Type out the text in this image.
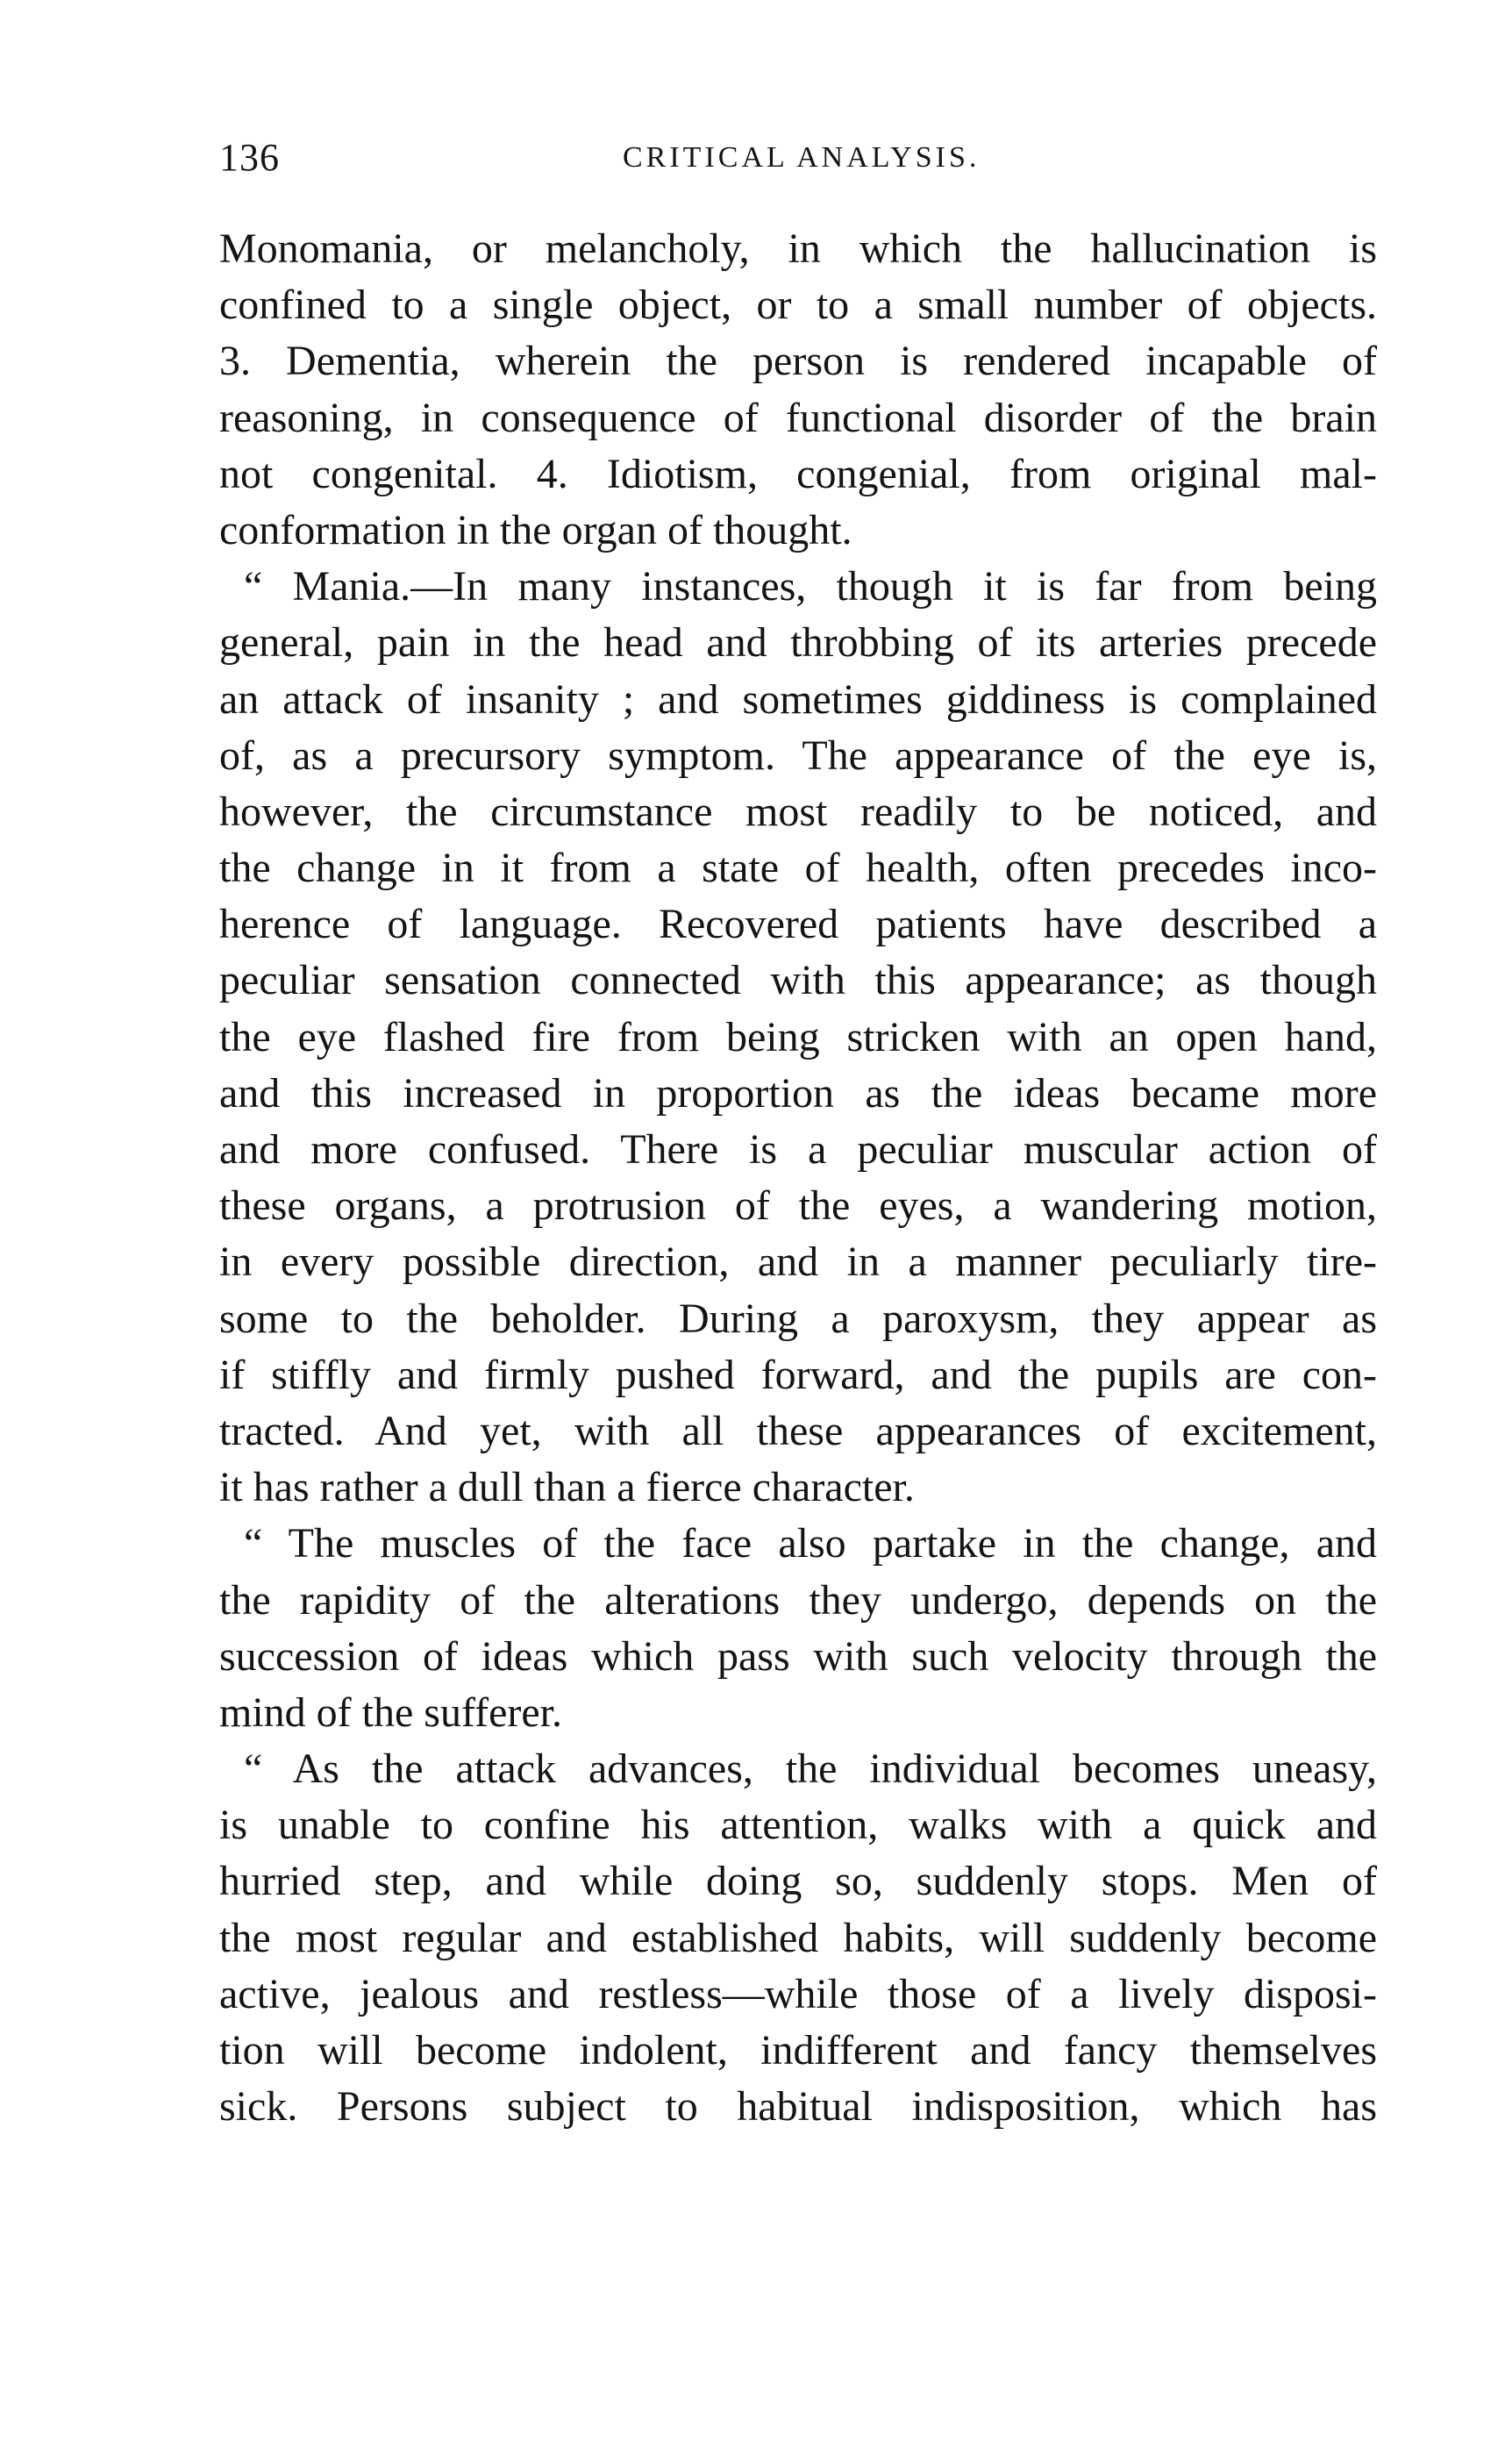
136	CRITICAL ANALYSIS.
Monomania, or melancholy, in which the hallucination is
confined to a single object, or to a small number of objects.
3. Dementia, wherein the person is rendered incapable of
reasoning, in consequence of functional disorder of the brain
not congenital. 4. Idiotism, congenial, from original mal-
conformation in the organ of thought.
“ Mania.—In many instances, though it is far from being
general, pain in the head and throbbing of its arteries precede
an attack of insanity ; and sometimes giddiness is complained
of, as a precursory symptom. The appearance of the eye is,
however, the circumstance most readily to be noticed, and
the change in it from a state of health, often precedes inco-
herence of language. Recovered patients have described a
peculiar sensation connected with this appearance; as though
the eye flashed fire from being stricken with an open hand,
and this increased in proportion as the ideas became more
and more confused. There is a peculiar muscular action of
these organs, a protrusion of the eyes, a wandering motion,
in every possible direction, and in a manner peculiarly tire-
some to the beholder. During a paroxysm, they appear as
if stiffly and firmly pushed forward, and the pupils are con-
tracted. And yet, with all these appearances of excitement,
it has rather a dull than a fierce character.
“ The muscles of the face also partake in the change, and
the rapidity of the alterations they undergo, depends on the
succession of ideas which pass with such velocity through the
mind of the sufferer.
“ As the attack advances, the individual becomes uneasy,
is unable to confine his attention, walks with a quick and
hurried step, and while doing so, suddenly stops. Men of
the most regular and established habits, will suddenly become
active, jealous and restless—while those of a lively disposi-
tion will become indolent, indifferent and fancy themselves
sick. Persons subject to habitual indisposition, which has
